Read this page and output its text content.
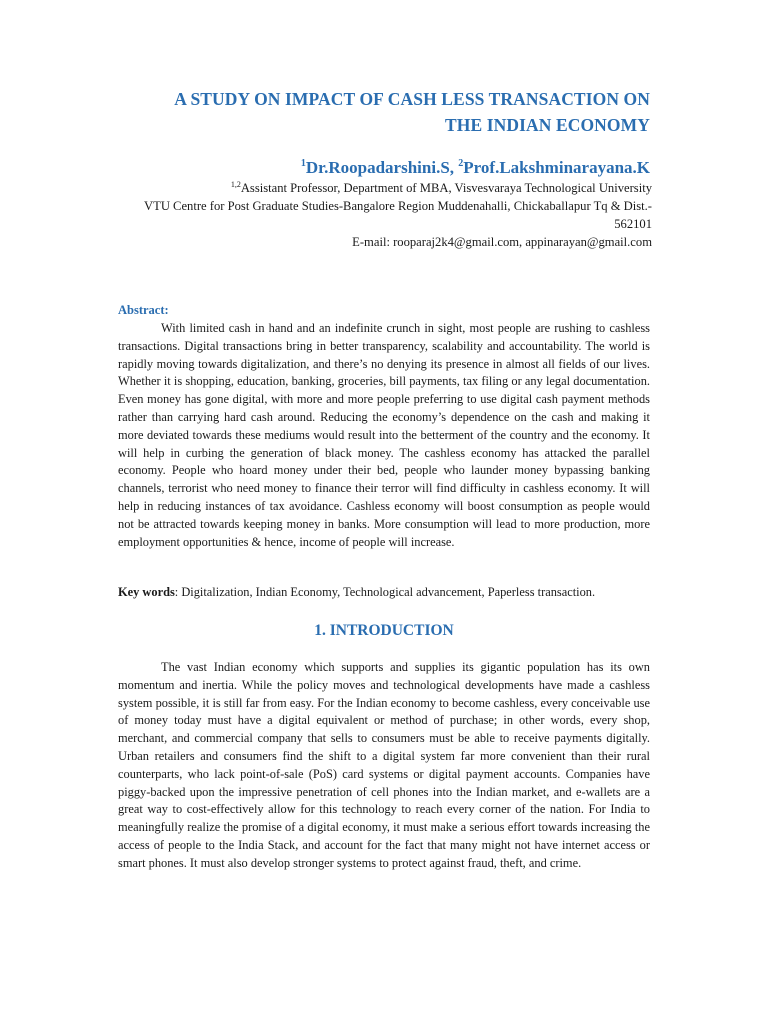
A STUDY ON IMPACT OF CASH LESS TRANSACTION ON
THE INDIAN ECONOMY
$^1$Dr.Roopadarshini.S, $^2$Prof.Lakshminarayana.K
$^{1,2}$Assistant Professor, Department of MBA, Visvesvaraya Technological University
VTU Centre for Post Graduate Studies-Bangalore Region Muddenahalli, Chickaballapur Tq & Dist.-
562101
E-mail: rooparaj2k4@gmail.com, appinarayan@gmail.com
Abstract:

With limited cash in hand and an indefinite crunch in sight, most people are rushing to cashless transactions. Digital transactions bring in better transparency, scalability and accountability. The world is rapidly moving towards digitalization, and there’s no denying its presence in almost all fields of our lives. Whether it is shopping, education, banking, groceries, bill payments, tax filing or any legal documentation. Even money has gone digital, with more and more people preferring to use digital cash payment methods rather than carrying hard cash around. Reducing the economy’s dependence on the cash and making it more deviated towards these mediums would result into the betterment of the country and the economy. It will help in curbing the generation of black money. The cashless economy has attacked the parallel economy. People who hoard money under their bed, people who launder money bypassing banking channels, terrorist who need money to finance their terror will find difficulty in cashless economy. It will help in reducing instances of tax avoidance. Cashless economy will boost consumption as people would not be attracted towards keeping money in banks. More consumption will lead to more production, more employment opportunities & hence, income of people will increase.

Key words: Digitalization, Indian Economy, Technological advancement, Paperless transaction.
1. INTRODUCTION

The vast Indian economy which supports and supplies its gigantic population has its own momentum and inertia. While the policy moves and technological developments have made a cashless system possible, it is still far from easy. For the Indian economy to become cashless, every conceivable use of money today must have a digital equivalent or method of purchase; in other words, every shop, merchant, and commercial company that sells to consumers must be able to receive payments digitally. Urban retailers and consumers find the shift to a digital system far more convenient than their rural counterparts, who lack point-of-sale (PoS) card systems or digital payment accounts. Companies have piggy-backed upon the impressive penetration of cell phones into the Indian market, and e-wallets are a great way to cost-effectively allow for this technology to reach every corner of the nation. For India to meaningfully realize the promise of a digital economy, it must make a serious effort towards increasing the access of people to the India Stack, and account for the fact that many might not have internet access or smart phones. It must also develop stronger systems to protect against fraud, theft, and crime.
